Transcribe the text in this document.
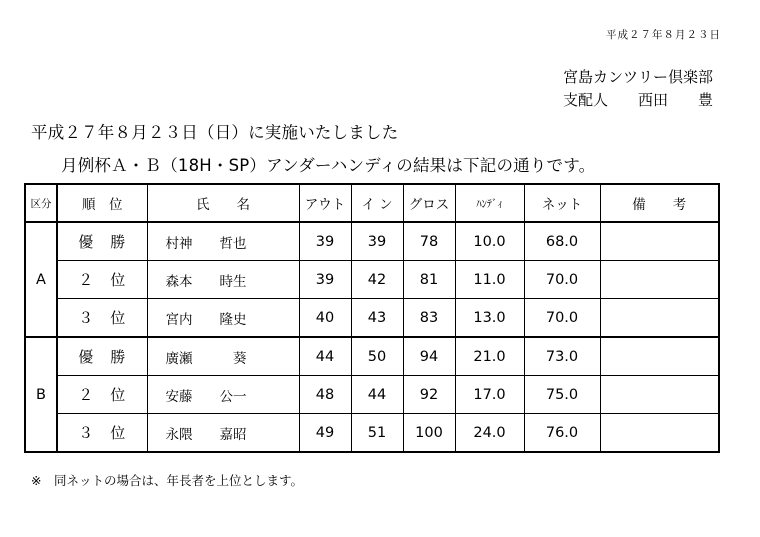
平成２７年８月２３日
宮島カンツリー倶楽部
支配人　　西田　　豊
平成２７年８月２３日（日）に実施いたしました
月例杯Ａ・Ｂ（18H・SP）アンダーハンディの結果は下記の通りです。
区分	順　位	氏　　名	アウト	イ ン	グロス	ﾊﾝﾃﾞｨ	ネット	備　　考
A	優　勝	村神　　哲也	39	39	78	10.0	68.0	
	２　位	森本　　時生	39	42	81	11.0	70.0	
	３　位	宮内　　隆史	40	43	83	13.0	70.0	
B	優　勝	廣瀬　　　葵	44	50	94	21.0	73.0	
	２　位	安藤　　公一	48	44	92	17.0	75.0	
	３　位	永隈　　嘉昭	49	51	100	24.0	76.0	
※　同ネットの場合は、年長者を上位とします。
